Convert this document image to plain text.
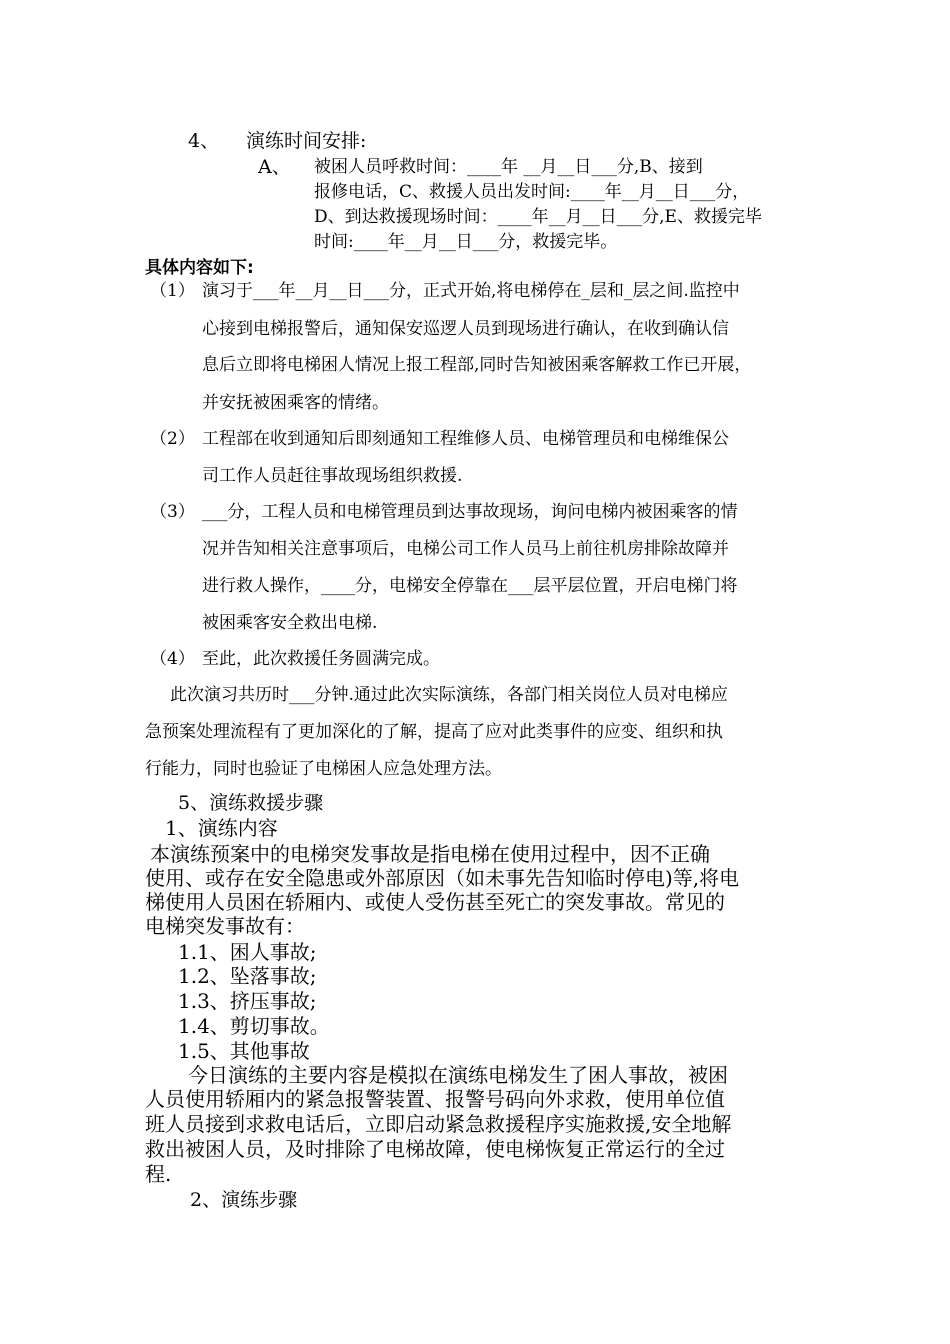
4、 演练时间安排:
A、 被困人员呼救时间：____年 __月__日___分,B、接到
报修电话，C、救援人员出发时间:____年__月__日___分，
D、到达救援现场时间：____年__月__日___分,E、救援完毕
时间:____年__月__日___分，救援完毕。
具体内容如下:
（1） 演习于___年__月__日___分，正式开始,将电梯停在_层和_层之间.监控中
心接到电梯报警后，通知保安巡逻人员到现场进行确认，在收到确认信
息后立即将电梯困人情况上报工程部,同时告知被困乘客解救工作已开展，
并安抚被困乘客的情绪。
（2） 工程部在收到通知后即刻通知工程维修人员、电梯管理员和电梯维保公
司工作人员赶往事故现场组织救援.
（3） ___分，工程人员和电梯管理员到达事故现场，询问电梯内被困乘客的情
况并告知相关注意事项后，电梯公司工作人员马上前往机房排除故障并
进行救人操作，____分，电梯安全停靠在___层平层位置，开启电梯门将
被困乘客安全救出电梯.
（4） 至此，此次救援任务圆满完成。
此次演习共历时___分钟.通过此次实际演练，各部门相关岗位人员对电梯应
急预案处理流程有了更加深化的了解，提高了应对此类事件的应变、组织和执
行能力，同时也验证了电梯困人应急处理方法。
5、演练救援步骤
1、演练内容
本演练预案中的电梯突发事故是指电梯在使用过程中，因不正确
使用、或存在安全隐患或外部原因（如未事先告知临时停电)等,将电
梯使用人员困在轿厢内、或使人受伤甚至死亡的突发事故。常见的
电梯突发事故有：
1.1、困人事故;
1.2、坠落事故;
1.3、挤压事故;
1.4、剪切事故。
1.5、其他事故
今日演练的主要内容是模拟在演练电梯发生了困人事故，被困
人员使用轿厢内的紧急报警装置、报警号码向外求救，使用单位值
班人员接到求救电话后，立即启动紧急救援程序实施救援,安全地解
救出被困人员，及时排除了电梯故障，使电梯恢复正常运行的全过
程.
2、演练步骤
